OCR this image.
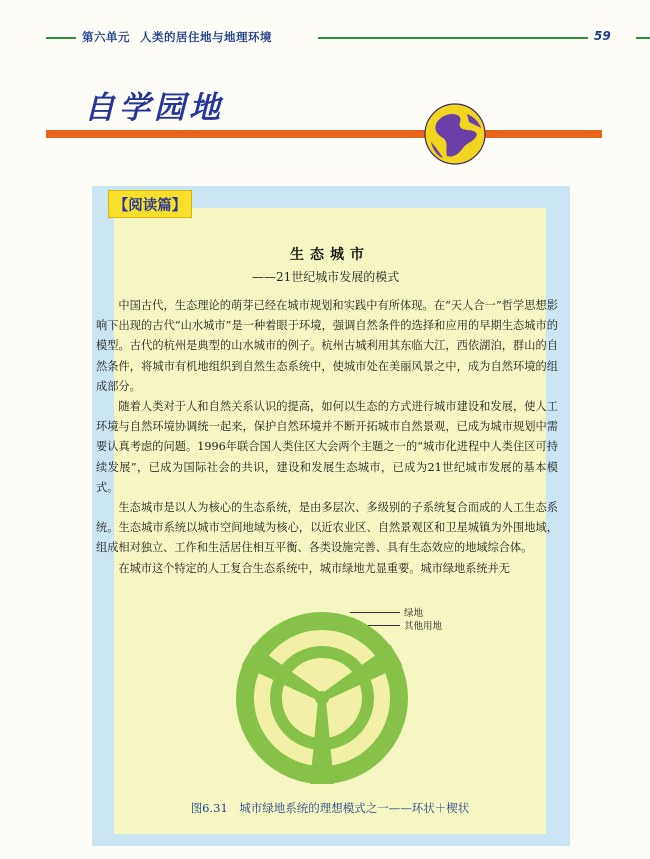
第六单元 人类的居住地与地理环境	59
自学园地
【阅读篇】
生态城市
——21世纪城市发展的模式

中国古代，生态理论的萌芽已经在城市规划和实践中有所体现。在“天人合一”哲学思想影响下出现的古代“山水城市”是一种着眼于环境，强调自然条件的选择和应用的早期生态城市的模型。古代的杭州是典型的山水城市的例子。杭州古城利用其东临大江，西依湖泊，群山的自然条件，将城市有机地组织到自然生态系统中，使城市处在美丽风景之中，成为自然环境的组成部分。

随着人类对于人和自然关系认识的提高，如何以生态的方式进行城市建设和发展，使人工环境与自然环境协调统一起来，保护自然环境并不断开拓城市自然景观，已成为城市规划中需要认真考虑的问题。1996年联合国人类住区大会两个主题之一的“城市化进程中人类住区可持续发展”，已成为国际社会的共识，建设和发展生态城市，已成为21世纪城市发展的基本模式。

生态城市是以人为核心的生态系统，是由多层次、多级别的子系统复合而成的人工生态系统。生态城市系统以城市空间地域为核心，以近农业区、自然景观区和卫星城镇为外围地域，组成相对独立、工作和生活居住相互平衡、各类设施完善、具有生态效应的地域综合体。

在城市这个特定的人工复合生态系统中，城市绿地尤显重要。城市绿地系统并无

绿地
其他用地
图6.31　城市绿地系统的理想模式之一——环状＋楔状
